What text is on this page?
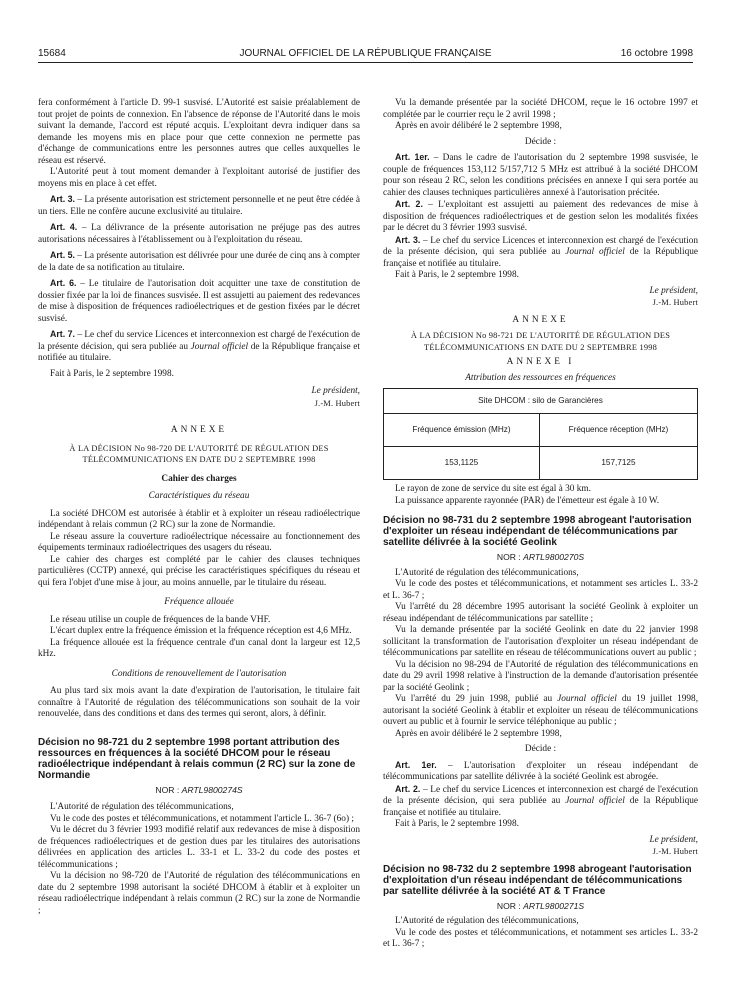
15684	JOURNAL OFFICIEL DE LA RÉPUBLIQUE FRANÇAISE	16 octobre 1998

fera conformément à l'article D. 99-1 susvisé. L'Autorité est saisie préalablement de tout projet de points de connexion. En l'absence de réponse de l'Autorité dans le mois suivant la demande, l'accord est réputé acquis. L'exploitant devra indiquer dans sa demande les moyens mis en place pour que cette connexion ne permette pas d'échange de communications entre les personnes autres que celles auxquelles le réseau est réservé.

L'Autorité peut à tout moment demander à l'exploitant autorisé de justifier des moyens mis en place à cet effet.

Art. 3. – La présente autorisation est strictement personnelle et ne peut être cédée à un tiers. Elle ne confère aucune exclusivité au titulaire.

Art. 4. – La délivrance de la présente autorisation ne préjuge pas des autres autorisations nécessaires à l'établissement ou à l'exploitation du réseau.

Art. 5. – La présente autorisation est délivrée pour une durée de cinq ans à compter de la date de sa notification au titulaire.

Art. 6. – Le titulaire de l'autorisation doit acquitter une taxe de constitution de dossier fixée par la loi de finances susvisée. Il est assujetti au paiement des redevances de mise à disposition de fréquences radioélectriques et de gestion fixées par le décret susvisé.

Art. 7. – Le chef du service Licences et interconnexion est chargé de l'exécution de la présente décision, qui sera publiée au Journal officiel de la République française et notifiée au titulaire.

Fait à Paris, le 2 septembre 1998.

Le président,

J.-M. Hubert

ANNEXE

À LA DÉCISION No 98-720 DE L'AUTORITÉ DE RÉGULATION DES TÉLÉCOMMUNICATIONS EN DATE DU 2 SEPTEMBRE 1998

Cahier des charges

Caractéristiques du réseau

La société DHCOM est autorisée à établir et à exploiter un réseau radioélectrique indépendant à relais commun (2 RC) sur la zone de Normandie.

Le réseau assure la couverture radioélectrique nécessaire au fonctionnement des équipements terminaux radioélectriques des usagers du réseau.

Le cahier des charges est complété par le cahier des clauses techniques particulières (CCTP) annexé, qui précise les caractéristiques spécifiques du réseau et qui fera l'objet d'une mise à jour, au moins annuelle, par le titulaire du réseau.

Fréquence allouée

Le réseau utilise un couple de fréquences de la bande VHF.

L'écart duplex entre la fréquence émission et la fréquence réception est 4,6 MHz.

La fréquence allouée est la fréquence centrale d'un canal dont la largeur est 12,5 kHz.

Conditions de renouvellement de l'autorisation

Au plus tard six mois avant la date d'expiration de l'autorisation, le titulaire fait connaître à l'Autorité de régulation des télécommunications son souhait de la voir renouvelée, dans des conditions et dans des termes qui seront, alors, à définir.

Décision no 98-721 du 2 septembre 1998 portant attribution des ressources en fréquences à la société DHCOM pour le réseau radioélectrique indépendant à relais commun (2 RC) sur la zone de Normandie

NOR : ARTL9800274S

L'Autorité de régulation des télécommunications,

Vu le code des postes et télécommunications, et notamment l'article L. 36-7 (6o) ;

Vu le décret du 3 février 1993 modifié relatif aux redevances de mise à disposition de fréquences radioélectriques et de gestion dues par les titulaires des autorisations délivrées en application des articles L. 33-1 et L. 33-2 du code des postes et télécommunications ;

Vu la décision no 98-720 de l'Autorité de régulation des télécommunications en date du 2 septembre 1998 autorisant la société DHCOM à établir et à exploiter un réseau radioélectrique indépendant à relais commun (2 RC) sur la zone de Normandie ;

Vu la demande présentée par la société DHCOM, reçue le 16 octobre 1997 et complétée par le courrier reçu le 2 avril 1998 ;

Après en avoir délibéré le 2 septembre 1998,

Décide :

Art. 1er. – Dans le cadre de l'autorisation du 2 septembre 1998 susvisée, le couple de fréquences 153,112 5/157,712 5 MHz est attribué à la société DHCOM pour son réseau 2 RC, selon les conditions précisées en annexe I qui sera portée au cahier des clauses techniques particulières annexé à l'autorisation précitée.

Art. 2. – L'exploitant est assujetti au paiement des redevances de mise à disposition de fréquences radioélectriques et de gestion selon les modalités fixées par le décret du 3 février 1993 susvisé.

Art. 3. – Le chef du service Licences et interconnexion est chargé de l'exécution de la présente décision, qui sera publiée au Journal officiel de la République française et notifiée au titulaire.

Fait à Paris, le 2 septembre 1998.

Le président,

J.-M. Hubert

ANNEXE

À LA DÉCISION No 98-721 DE L'AUTORITÉ DE RÉGULATION DES TÉLÉCOMMUNICATIONS EN DATE DU 2 SEPTEMBRE 1998

ANNEXE I

Attribution des ressources en fréquences

Site DHCOM : silo de Garancières	
Fréquence émission (MHz)	Fréquence réception (MHz)
153,1125	157,7125

Le rayon de zone de service du site est égal à 30 km.

La puissance apparente rayonnée (PAR) de l'émetteur est égale à 10 W.

Décision no 98-731 du 2 septembre 1998 abrogeant l'autorisation d'exploiter un réseau indépendant de télécommunications par satellite délivrée à la société Geolink

NOR : ARTL9800270S

L'Autorité de régulation des télécommunications,

Vu le code des postes et télécommunications, et notamment ses articles L. 33-2 et L. 36-7 ;

Vu l'arrêté du 28 décembre 1995 autorisant la société Geolink à exploiter un réseau indépendant de télécommunications par satellite ;

Vu la demande présentée par la société Geolink en date du 22 janvier 1998 sollicitant la transformation de l'autorisation d'exploiter un réseau indépendant de télécommunications par satellite en réseau de télécommunications ouvert au public ;

Vu la décision no 98-294 de l'Autorité de régulation des télécommunications en date du 29 avril 1998 relative à l'instruction de la demande d'autorisation présentée par la société Geolink ;

Vu l'arrêté du 29 juin 1998, publié au Journal officiel du 19 juillet 1998, autorisant la société Geolink à établir et exploiter un réseau de télécommunications ouvert au public et à fournir le service téléphonique au public ;

Après en avoir délibéré le 2 septembre 1998,

Décide :

Art. 1er. – L'autorisation d'exploiter un réseau indépendant de télécommunications par satellite délivrée à la société Geolink est abrogée.

Art. 2. – Le chef du service Licences et interconnexion est chargé de l'exécution de la présente décision, qui sera publiée au Journal officiel de la République française et notifiée au titulaire.

Fait à Paris, le 2 septembre 1998.

Le président,

J.-M. Hubert

Décision no 98-732 du 2 septembre 1998 abrogeant l'autorisation d'exploitation d'un réseau indépendant de télécommunications par satellite délivrée à la société AT & T France

NOR : ARTL9800271S

L'Autorité de régulation des télécommunications,

Vu le code des postes et télécommunications, et notamment ses articles L. 33-2 et L. 36-7 ;
